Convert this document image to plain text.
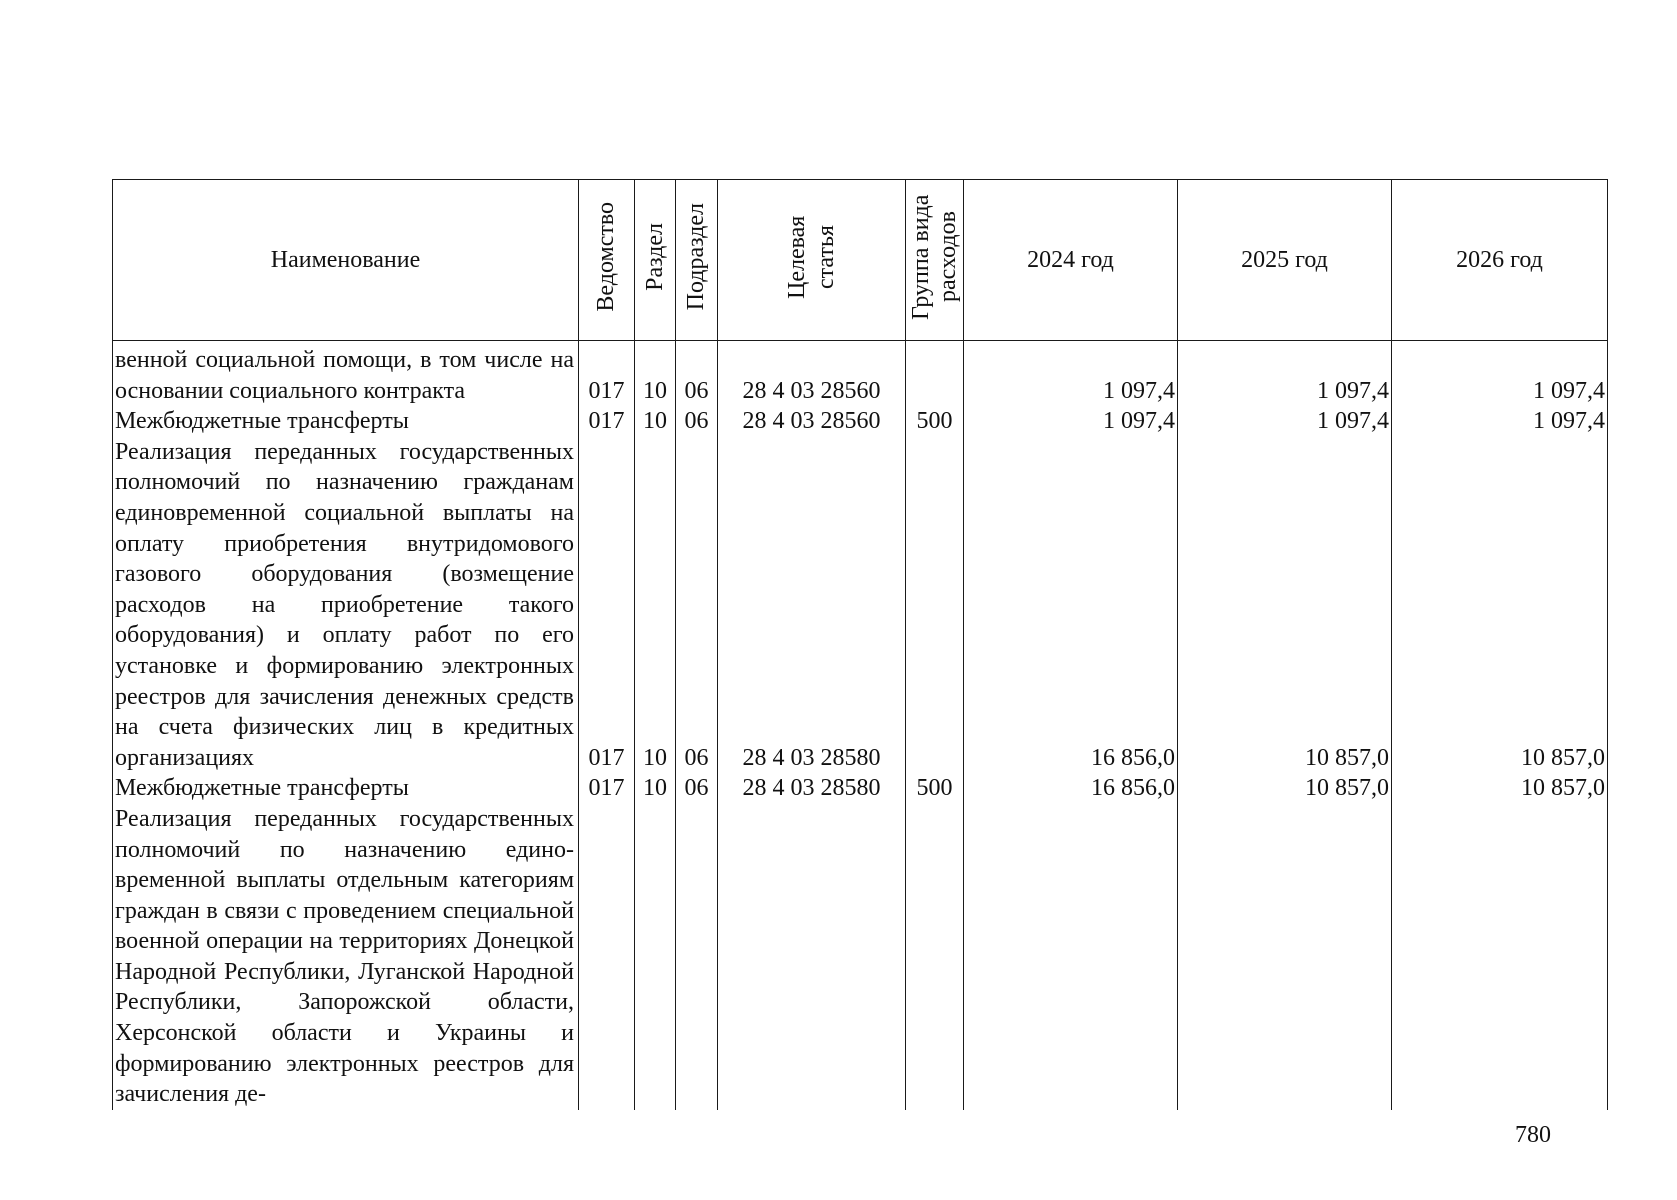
Наименование	Ведомство	Раздел	Подраздел	Целевая статья	Группа вида расходов	2024 год	2025 год	2026 год
венной социальной помощи, в том числе на основании социального контракта	017	10	06	28 4 03 28560		1 097,4	1 097,4	1 097,4
Межбюджетные трансферты	017	10	06	28 4 03 28560	500	1 097,4	1 097,4	1 097,4
Реализация переданных государственных полномочий по назначению гражданам единовременной социальной выплаты на оплату приобретения внутридомового газового оборудования (возмещение расходов на приобретение такого оборудования) и оплату работ по его установке и формированию электронных реестров для зачисления денежных средств на счета физических лиц в кредитных организациях	017	10	06	28 4 03 28580		16 856,0	10 857,0	10 857,0
Межбюджетные трансферты	017	10	06	28 4 03 28580	500	16 856,0	10 857,0	10 857,0
Реализация переданных государственных полномочий по назначению единовременной выплаты отдельным категориям граждан в связи с проведением специальной военной операции на территориях Донецкой Народной Республики, Луганской Народной Республики, Запорожской области, Херсонской области и Украины и формированию электронных реестров для зачисления де-								
780
